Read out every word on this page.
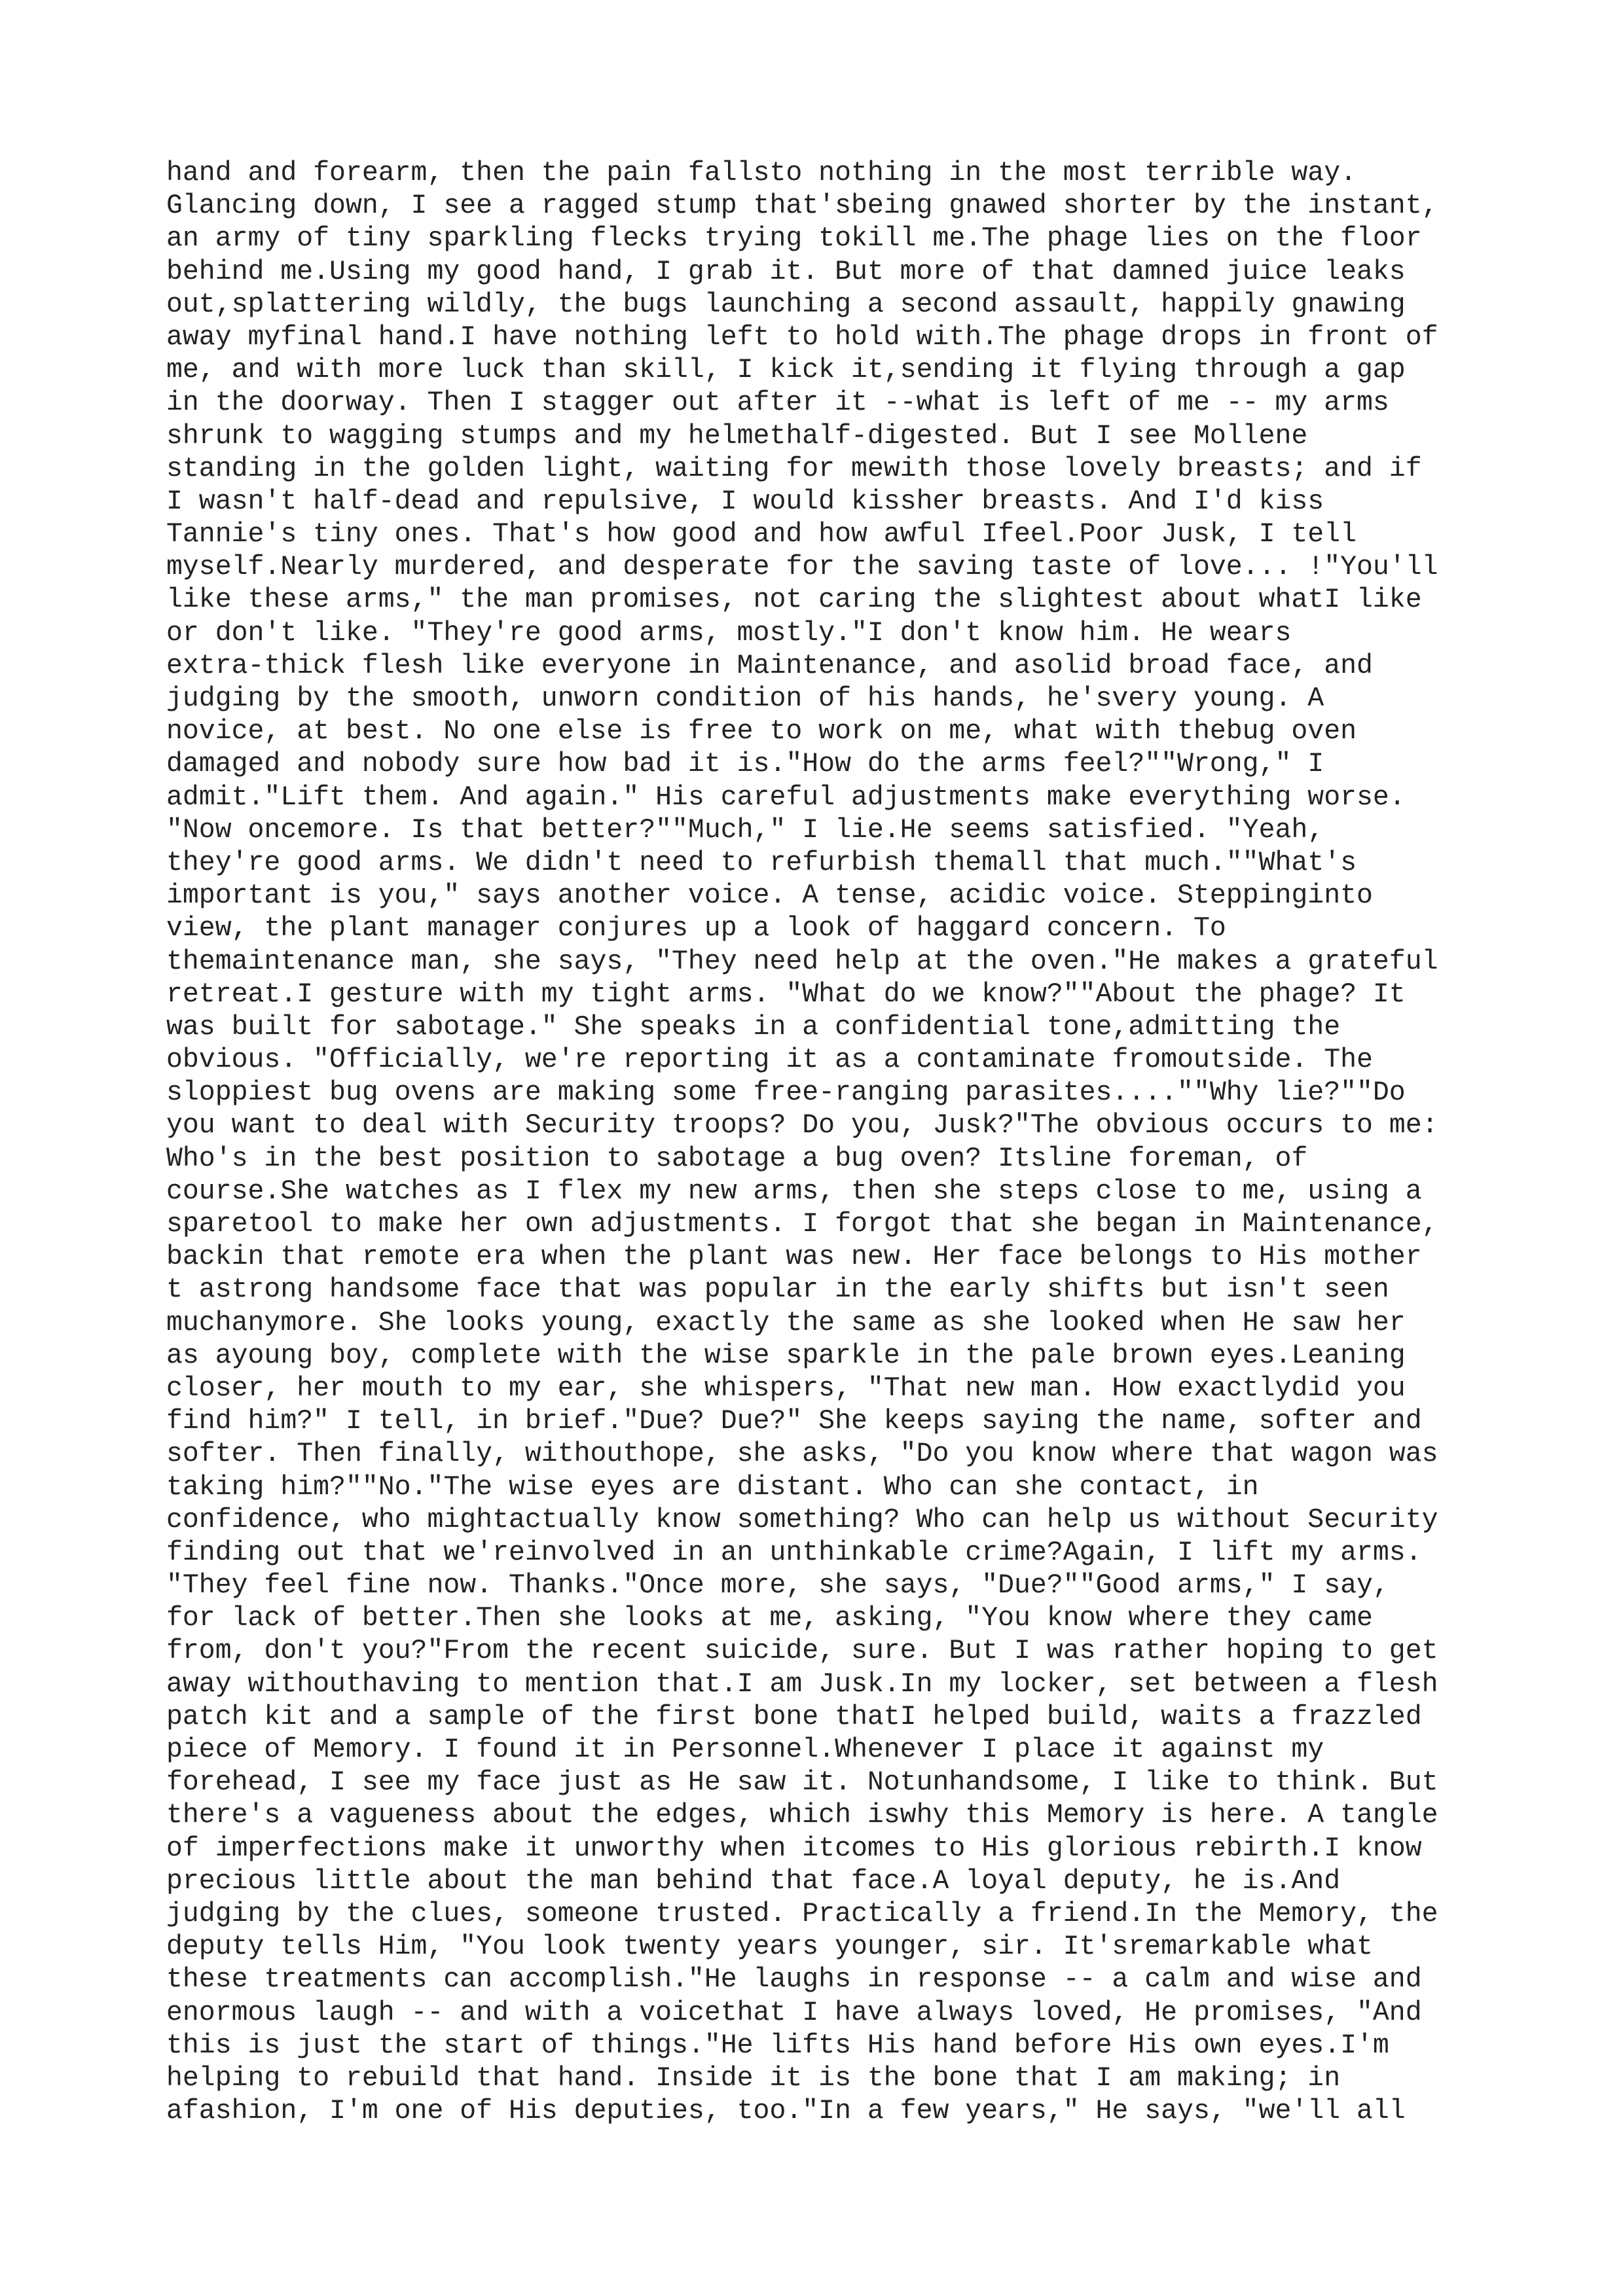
hand and forearm, then the pain fallsto nothing in the most terrible way.
Glancing down, I see a ragged stump that'sbeing gnawed shorter by the instant,
an army of tiny sparkling flecks trying tokill me.The phage lies on the floor
behind me.Using my good hand, I grab it. But more of that damned juice leaks
out,splattering wildly, the bugs launching a second assault, happily gnawing
away myfinal hand.I have nothing left to hold with.The phage drops in front of
me, and with more luck than skill, I kick it,sending it flying through a gap
in the doorway. Then I stagger out after it --what is left of me -- my arms
shrunk to wagging stumps and my helmethalf-digested. But I see Mollene
standing in the golden light, waiting for mewith those lovely breasts; and if
I wasn't half-dead and repulsive, I would kissher breasts. And I'd kiss
Tannie's tiny ones. That's how good and how awful Ifeel.Poor Jusk, I tell
myself.Nearly murdered, and desperate for the saving taste of love... !"You'll
like these arms," the man promises, not caring the slightest about whatI like
or don't like. "They're good arms, mostly."I don't know him. He wears
extra-thick flesh like everyone in Maintenance, and asolid broad face, and
judging by the smooth, unworn condition of his hands, he'svery young. A
novice, at best. No one else is free to work on me, what with thebug oven
damaged and nobody sure how bad it is."How do the arms feel?""Wrong," I
admit."Lift them. And again." His careful adjustments make everything worse.
"Now oncemore. Is that better?""Much," I lie.He seems satisfied. "Yeah,
they're good arms. We didn't need to refurbish themall that much.""What's
important is you," says another voice. A tense, acidic voice. Steppinginto
view, the plant manager conjures up a look of haggard concern. To
themaintenance man, she says, "They need help at the oven."He makes a grateful
retreat.I gesture with my tight arms. "What do we know?""About the phage? It
was built for sabotage." She speaks in a confidential tone,admitting the
obvious. "Officially, we're reporting it as a contaminate fromoutside. The
sloppiest bug ovens are making some free-ranging parasites....""Why lie?""Do
you want to deal with Security troops? Do you, Jusk?"The obvious occurs to me:
Who's in the best position to sabotage a bug oven? Itsline foreman, of
course.She watches as I flex my new arms, then she steps close to me, using a
sparetool to make her own adjustments. I forgot that she began in Maintenance,
backin that remote era when the plant was new. Her face belongs to His mother
t astrong handsome face that was popular in the early shifts but isn't seen
muchanymore. She looks young, exactly the same as she looked when He saw her
as ayoung boy, complete with the wise sparkle in the pale brown eyes.Leaning
closer, her mouth to my ear, she whispers, "That new man. How exactlydid you
find him?" I tell, in brief."Due? Due?" She keeps saying the name, softer and
softer. Then finally, withouthope, she asks, "Do you know where that wagon was
taking him?""No."The wise eyes are distant. Who can she contact, in
confidence, who mightactually know something? Who can help us without Security
finding out that we'reinvolved in an unthinkable crime?Again, I lift my arms.
"They feel fine now. Thanks."Once more, she says, "Due?""Good arms," I say,
for lack of better.Then she looks at me, asking, "You know where they came
from, don't you?"From the recent suicide, sure. But I was rather hoping to get
away withouthaving to mention that.I am Jusk.In my locker, set between a flesh
patch kit and a sample of the first bone thatI helped build, waits a frazzled
piece of Memory. I found it in Personnel.Whenever I place it against my
forehead, I see my face just as He saw it. Notunhandsome, I like to think. But
there's a vagueness about the edges, which iswhy this Memory is here. A tangle
of imperfections make it unworthy when itcomes to His glorious rebirth.I know
precious little about the man behind that face.A loyal deputy, he is.And
judging by the clues, someone trusted. Practically a friend.In the Memory, the
deputy tells Him, "You look twenty years younger, sir. It'sremarkable what
these treatments can accomplish."He laughs in response -- a calm and wise and
enormous laugh -- and with a voicethat I have always loved, He promises, "And
this is just the start of things."He lifts His hand before His own eyes.I'm
helping to rebuild that hand. Inside it is the bone that I am making; in
afashion, I'm one of His deputies, too."In a few years," He says, "we'll all
